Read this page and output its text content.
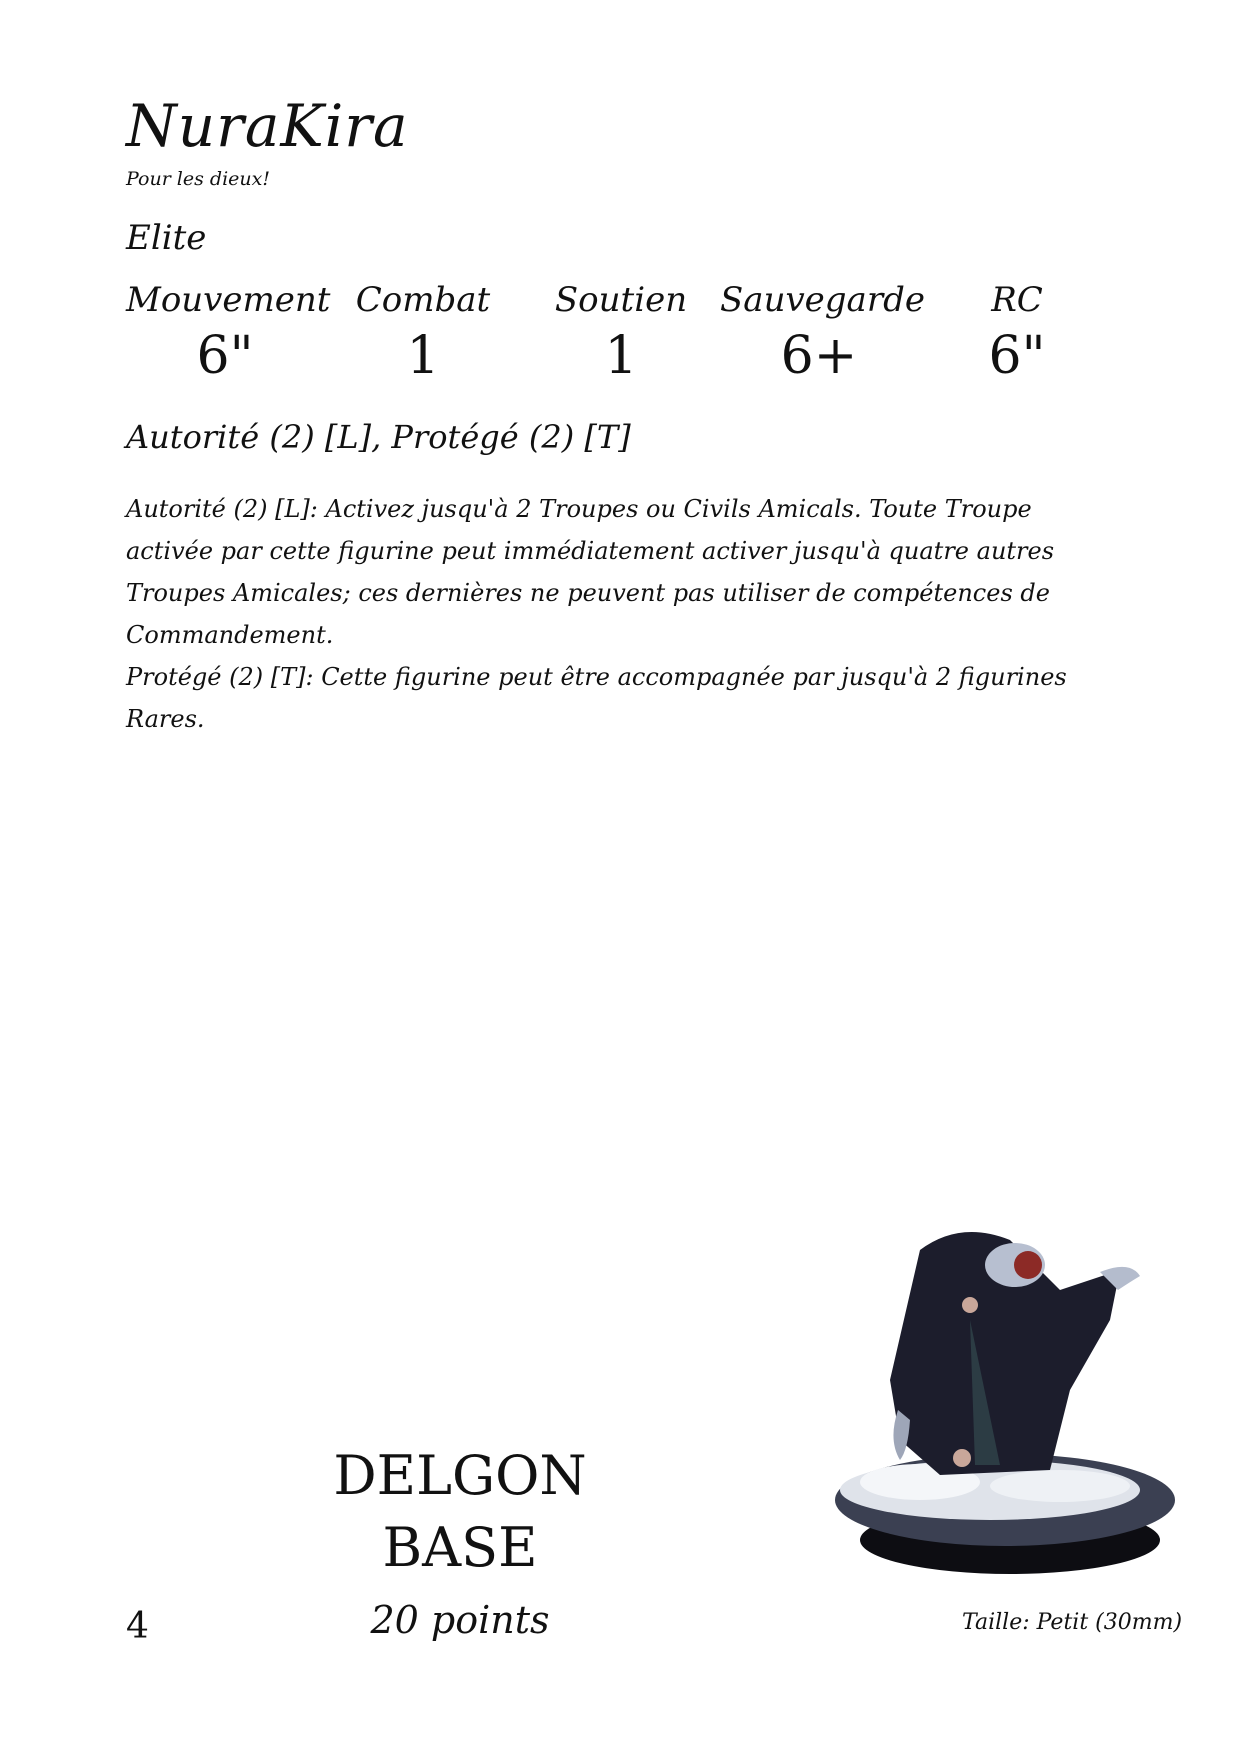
NuraKira
Pour les dieux!
Elite
Mouvement
6"
Combat
1
Soutien
1
Sauvegarde
6+
RC
6"
Autorité (2) [L], Protégé (2) [T]

Autorité (2) [L]: Activez jusqu'à 2 Troupes ou Civils Amicals. Toute Troupe activée par cette figurine peut immédiatement activer jusqu'à quatre autres Troupes Amicales; ces dernières ne peuvent pas utiliser de compétences de Commandement.

Protégé (2) [T]: Cette figurine peut être accompagnée par jusqu'à 2 figurines Rares.

DELGON
BASE
20 points
4	Taille: Petit (30mm)
